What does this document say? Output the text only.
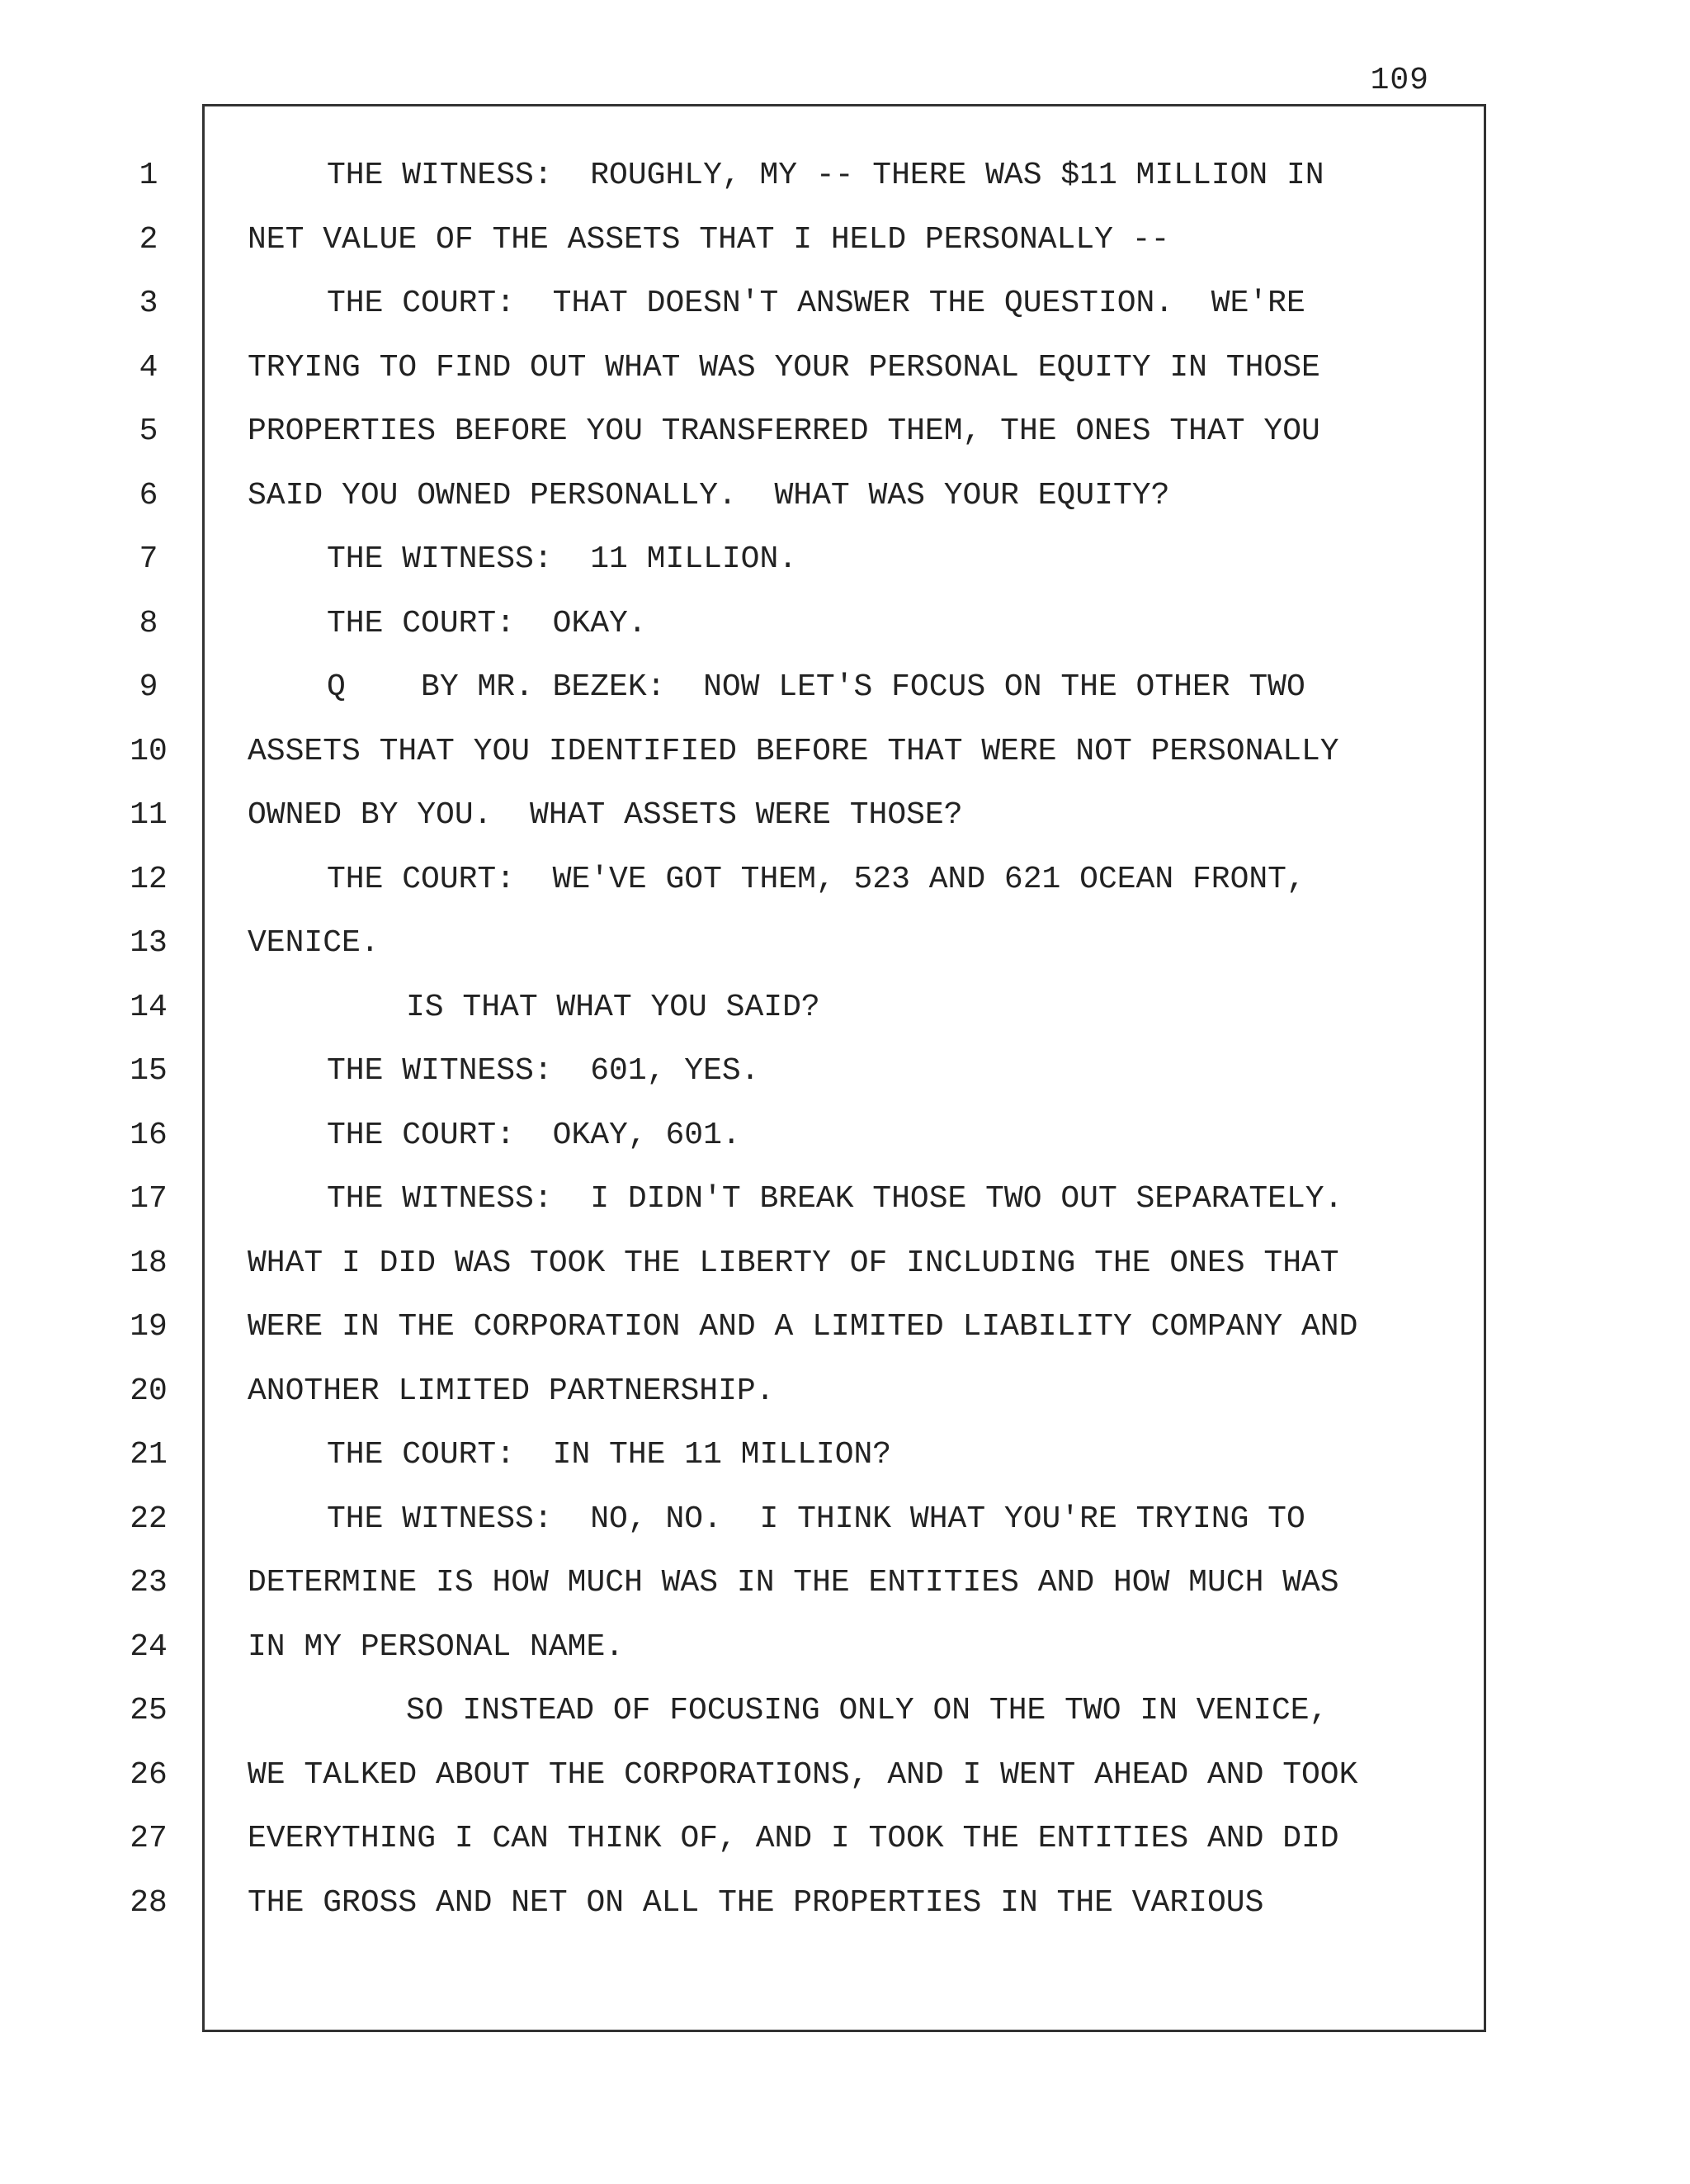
109
1
2
3
4
5
6
7
8
9
10
11
12
13
14
15
16
17
18
19
20
21
22
23
24
25
26
27
28
THE WITNESS:  ROUGHLY, MY -- THERE WAS $11 MILLION IN
NET VALUE OF THE ASSETS THAT I HELD PERSONALLY --
THE COURT:  THAT DOESN'T ANSWER THE QUESTION.  WE'RE
TRYING TO FIND OUT WHAT WAS YOUR PERSONAL EQUITY IN THOSE
PROPERTIES BEFORE YOU TRANSFERRED THEM, THE ONES THAT YOU
SAID YOU OWNED PERSONALLY.  WHAT WAS YOUR EQUITY?
THE WITNESS:  11 MILLION.
THE COURT:  OKAY.
Q    BY MR. BEZEK:  NOW LET'S FOCUS ON THE OTHER TWO
ASSETS THAT YOU IDENTIFIED BEFORE THAT WERE NOT PERSONALLY
OWNED BY YOU.  WHAT ASSETS WERE THOSE?
THE COURT:  WE'VE GOT THEM, 523 AND 621 OCEAN FRONT,
VENICE.
IS THAT WHAT YOU SAID?
THE WITNESS:  601, YES.
THE COURT:  OKAY, 601.
THE WITNESS:  I DIDN'T BREAK THOSE TWO OUT SEPARATELY.
WHAT I DID WAS TOOK THE LIBERTY OF INCLUDING THE ONES THAT
WERE IN THE CORPORATION AND A LIMITED LIABILITY COMPANY AND
ANOTHER LIMITED PARTNERSHIP.
THE COURT:  IN THE 11 MILLION?
THE WITNESS:  NO, NO.  I THINK WHAT YOU'RE TRYING TO
DETERMINE IS HOW MUCH WAS IN THE ENTITIES AND HOW MUCH WAS
IN MY PERSONAL NAME.
SO INSTEAD OF FOCUSING ONLY ON THE TWO IN VENICE,
WE TALKED ABOUT THE CORPORATIONS, AND I WENT AHEAD AND TOOK
EVERYTHING I CAN THINK OF, AND I TOOK THE ENTITIES AND DID
THE GROSS AND NET ON ALL THE PROPERTIES IN THE VARIOUS
